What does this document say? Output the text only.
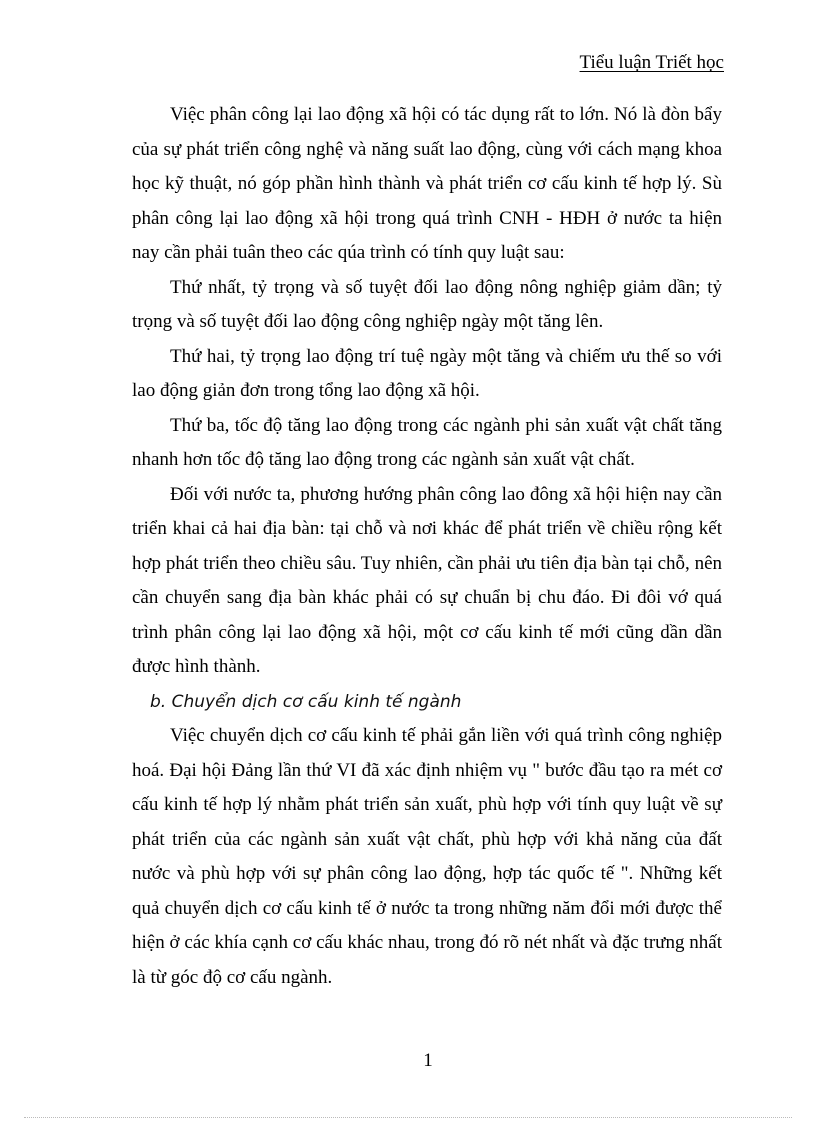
Tiểu luận Triết học

Việc phân công lại lao động xã hội có tác dụng rất to lớn. Nó là đòn bẩy của sự phát triển công nghệ và năng suất lao động, cùng với cách mạng khoa học kỹ thuật, nó góp phần hình thành và phát triển cơ cấu kinh tế hợp lý. Sù phân công lại lao động xã hội trong quá trình CNH - HĐH ở nước ta hiện nay cần phải tuân theo các qúa trình có tính quy luật sau:

Thứ nhất, tỷ trọng và số tuyệt đối lao động nông nghiệp giảm dần; tỷ trọng và số tuyệt đối lao động công nghiệp ngày một tăng lên.

Thứ hai, tỷ trọng lao động trí tuệ ngày một tăng và chiếm ưu thế so với lao động giản đơn trong tổng lao động xã hội.

Thứ ba, tốc độ tăng lao động trong các ngành phi sản xuất vật chất tăng nhanh hơn tốc độ tăng lao động trong các ngành sản xuất vật chất.

Đối với nước ta, phương hướng phân công lao đông xã hội hiện nay cần triển khai cả hai địa bàn: tại chỗ và nơi khác để phát triển về chiều rộng kết hợp phát triển theo chiều sâu. Tuy nhiên, cần phải ưu tiên địa bàn tại chỗ, nên cần chuyển sang địa bàn khác phải có sự chuẩn bị chu đáo. Đi đôi vớ quá trình phân công lại lao động xã hội, một cơ cấu kinh tế mới cũng dần dần được hình thành.

b. Chuyển dịch cơ cấu kinh tế ngành

Việc chuyển dịch cơ cấu kinh tế phải gắn liền với quá trình công nghiệp hoá. Đại hội Đảng lần thứ VI đã xác định nhiệm vụ " bước đầu tạo ra mét cơ cấu kinh tế hợp lý nhằm phát triển sản xuất, phù hợp với tính quy luật về sự phát triển của các ngành sản xuất vật chất, phù hợp với khả năng của đất nước và phù hợp với sự phân công lao động, hợp tác quốc tế ". Những kết quả chuyển dịch cơ cấu kinh tế ở nước ta trong những năm đổi mới được thể hiện ở các khía cạnh cơ cấu khác nhau, trong đó rõ nét nhất và đặc trưng nhất là từ góc độ cơ cấu ngành.

1
